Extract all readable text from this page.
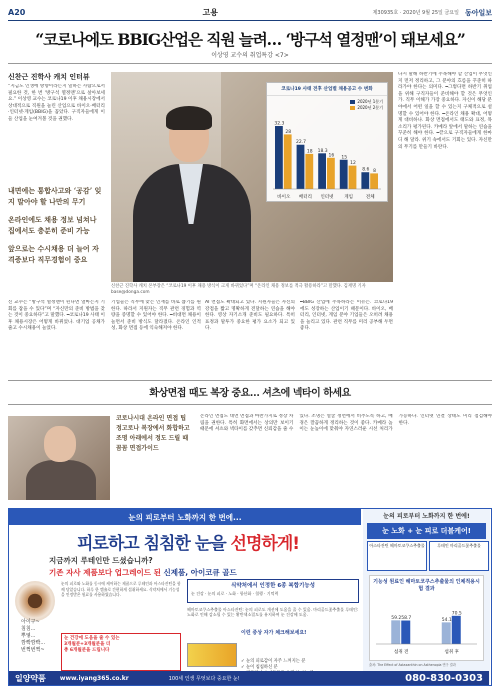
A20	고용	제30935호 · 2020년 9월 25일 금요일 동아일보
“코로나에도 BBIG산업은 직원 늘려… ‘방구석 열정맨’이 돼보세요”
이상영 교수의 취업특강 <7>
신찬근 진학사 캐치 인터뷰
“지금도 인생에 방향이라든지 일하는 사람으로서 필요한 것, 한 번 ‘방구석 열정맨’으로 살아보세요.” 이상영 교수는 코로나19 이후 채용시장에서 상대적으로 직원을 늘린 산업으로 바이오·배터리·인터넷·게임(BBIG)을 꼽았다. 구직자들에게 이들 산업을 눈여겨볼 것을 권했다.

내면에는 통합사고와 ‘공감’ 잊지 말아야 할 나만의 무기

온라인에도 채용 정보 넘쳐나 집에서도 충분히 준비 가능

앞으로는 수시채용 더 늘어 자격증보다 직무경험이 중요

코로나19 사태 전후 산업별 채용공고 수 변화
2020년 1분기
2020년 2분기
32.3
28
바이오
22.7
18
배터리
18.3
16
인터넷
15
12
게임
8.6 8
전체
신찬근 진학사 캐치 본부장은 “코로나19 이후 채용 방식이 크게 바뀌었다”며 “온라인 채용 정보를 적극 활용하라”고 말했다. 김재명 기자 base@donga.com
다시 말해 하반기에 주목해야 할 산업이 무엇인지 먼저 정리하고, 그 분야의 흐름을 꾸준히 따라가야 한다는 의미다. ━그렇다면 하반기 취업을 위해 구직자들이 준비해야 할 것은 무엇인가. 직무 이해가 가장 중요하다. 자신이 해당 분야에서 어떤 일을 할 수 있는지 구체적으로 설명할 수 있어야 한다. ━온라인 채용 확대, 어떻게 대비하나. 화상 면접에서도 태도와 표정, 목소리가 평가된다. 카메라 앞에서 말하는 연습을 꾸준히 해야 한다. ━끝으로 구직자들에게 한마디 해 달라. 위기 속에서도 기회는 있다. 자신만의 무기를 만들기 바란다.
신 교수는 “방구석 열정맨이 된다면 얼마든지 기회를 잡을 수 있다”며 “자신만의 준비 방법을 찾는 것이 중요하다”고 말했다. ━코로나19 사태 이후 채용시장은 어떻게 바뀌었나. 대기업 공채가 줄고 수시채용이 늘었다.
기업들은 직무에 맞는 인재를 바로 뽑기를 원한다. 따라서 지원자는 직무 관련 경험과 역량을 증명할 수 있어야 한다. ━비대면 채용이 늘면서 준비 방식도 달라졌다. 온라인 인적성, 화상 면접 등에 익숙해져야 한다.
AI 면접도 확대되고 있다. 지원자들은 자신의 강점을 짧고 명확하게 전달하는 연습을 해야 한다. 영상 자기소개 준비도 필요하다. 특히 표정과 말투가 중요한 평가 요소가 되고 있다.
━BBIG 산업에 주목하라는 이유는. 코로나19에도 성장하는 산업이기 때문이다. 바이오, 배터리, 인터넷, 게임 분야 기업들은 오히려 채용을 늘리고 있다. 관련 직무를 미리 공부해 두면 좋다.
화상면접 때도 복장 중요… 셔츠에 넥타이 하세요

코로나시대 온라인 면접 팁

정고로나 복장에서 화합하고 조명 아래에서 정도 드릴 때

꼼꼼 면접가이드

온라인 면접도 대면 면접과 마찬가지로 정장 차림을 권한다. 특히 화면에서는 상의만 보이기 때문에 셔츠와 넥타이를 갖추면 신뢰감을 줄 수 있다. 조명은 얼굴 정면에서 비추도록 하고, 배경은 깔끔하게 정리하는 것이 좋다. 카메라 높이는 눈높이에 맞춰야 자연스러운 시선 처리가 가능하다. 인터넷 연결 상태도 미리 점검해야 한다.
눈의 피로부터 노화까지 한 번에...
피로하고 침침한 눈을 선명하게!
지금까지 루테인만 드셨습니까?
기존 자사 제품보다 업그레이드 된 신제품, 아이코큐 골드
아이구~
침침...
뿌옇...
깜빡깜빡...
번쩍번쩍~
눈의 피로와 노화를 동시에 케어하는 제품으로 루테인과 아스타잔틴을 함께 담았습니다. 하루 한 캡슐로 간편하게 섭취하세요. 식약처에서 기능성을 인정받은 원료를 사용하였습니다.
눈 건강에 도움을 줄 수 있는
3개월분+3개월분을 더
총 6개월분을 드립니다
이런 증상 자가 체크해보세요!
식약처에서 인정한 6종 복합기능성
눈 건강 · 눈의 피로 · 노화 · 항산화 · 혈행 · 기억력
헤마토코쿠스추출물 아스타잔틴: 눈의 피로도 개선에 도움을 줄 수 있음. 마리골드꽃추출물 루테인: 노화로 인해 감소될 수 있는 황반색소밀도를 유지하여 눈 건강에 도움.
✓ 눈의 피로감이 자주 느껴지는 분
✓ 눈이 침침하신 분
눈의 피로부터 노화까지 한 번에!
눈 노화 + 눈 피로 더블케어!
아스타잔틴 헤마토코쿠스추출물	루테인 마리골드꽃추출물
기능성 원료인 헤마토코쿠스추출물의 인체적용시험 결과
59.2 58.7
섭취 전
54.1
70.5
섭취 후
출처: The Effect of Astaxanthin on Asthenopia 연구 결과
일양약품	www.iyang365.co.kr	100세 인생 무엇보다 중요한 눈!	080-830-0303
